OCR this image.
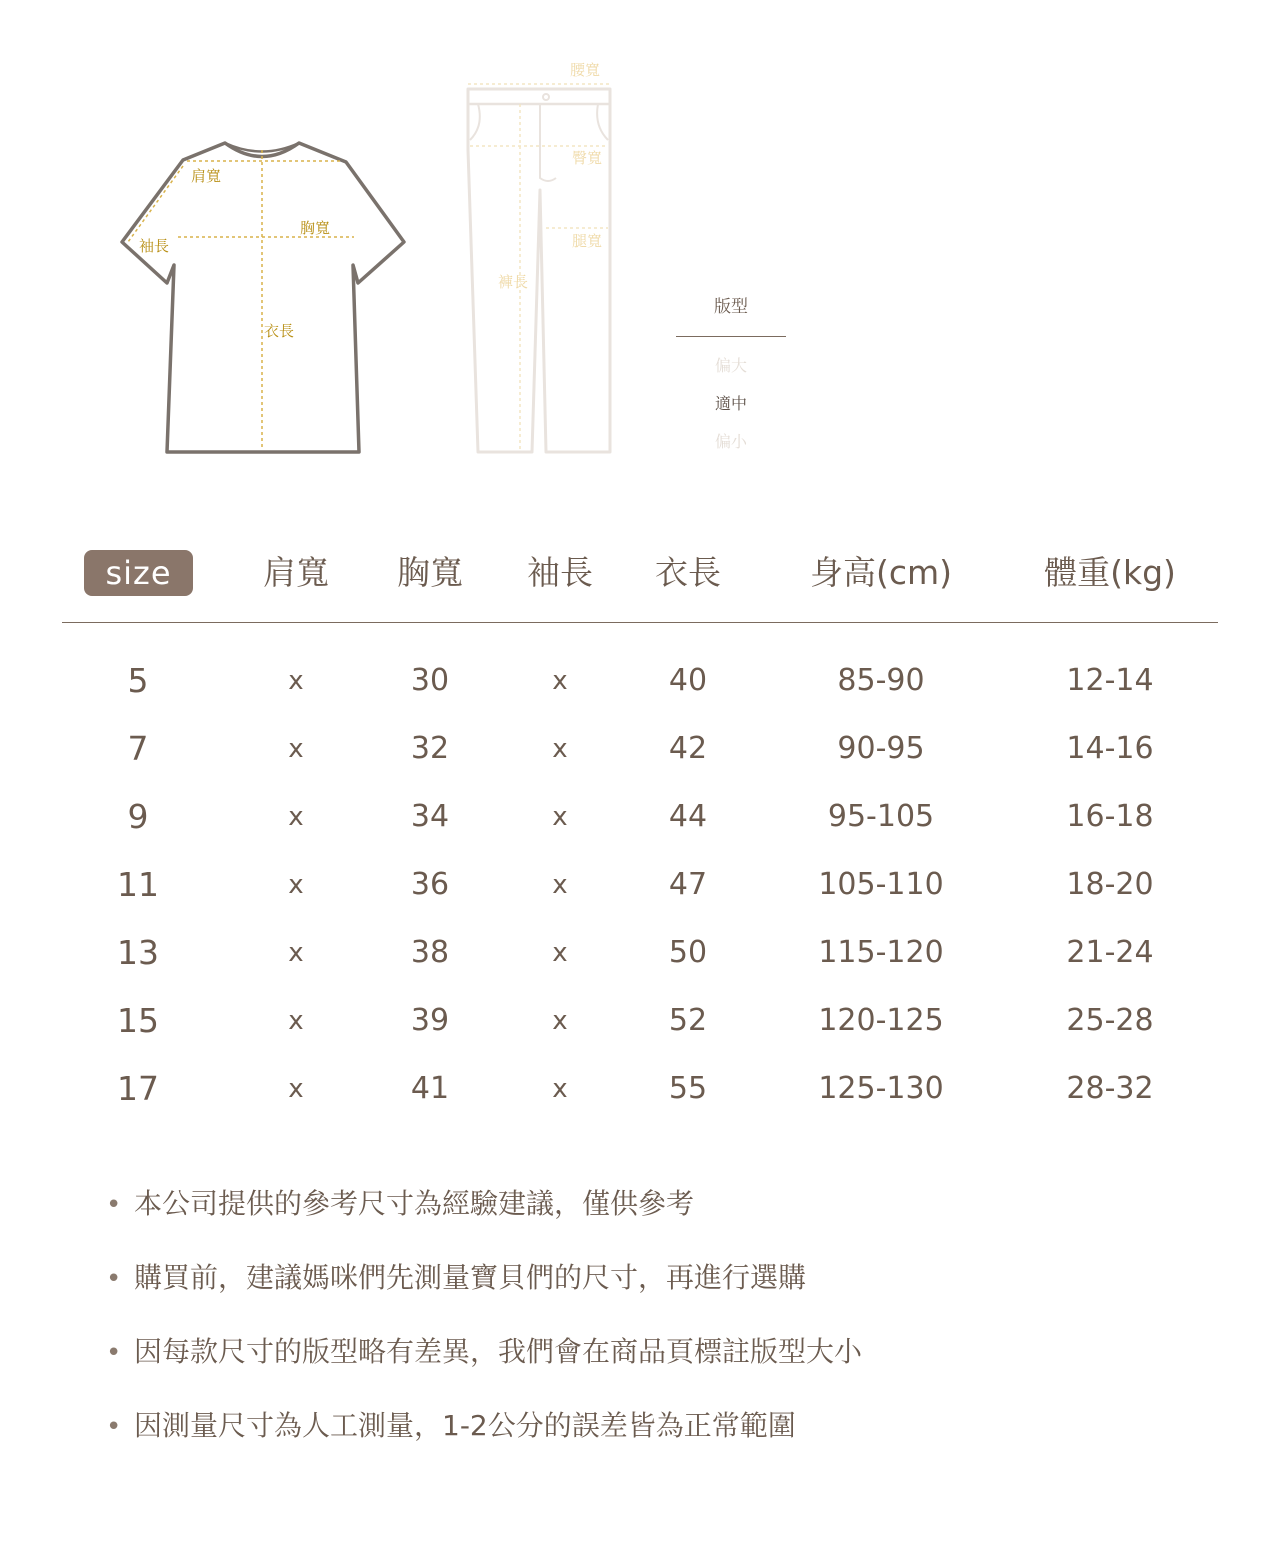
肩寬
胸寬
袖長
衣長
腰寬
臀寬
腿寬
褲長
版型
偏大
適中
偏小
size	肩寬	胸寬	袖長	衣長	身高(cm)	體重(kg)
5	x	30	x	40	85-90	12-14
7	x	32	x	42	90-95	14-16
9	x	34	x	44	95-105	16-18
11	x	36	x	47	105-110	18-20
13	x	38	x	50	115-120	21-24
15	x	39	x	52	120-125	25-28
17	x	41	x	55	125-130	28-32
• 本公司提供的參考尺寸為經驗建議，僅供參考
• 購買前，建議媽咪們先測量寶貝們的尺寸，再進行選購
• 因每款尺寸的版型略有差異，我們會在商品頁標註版型大小
• 因測量尺寸為人工測量，1-2公分的誤差皆為正常範圍
